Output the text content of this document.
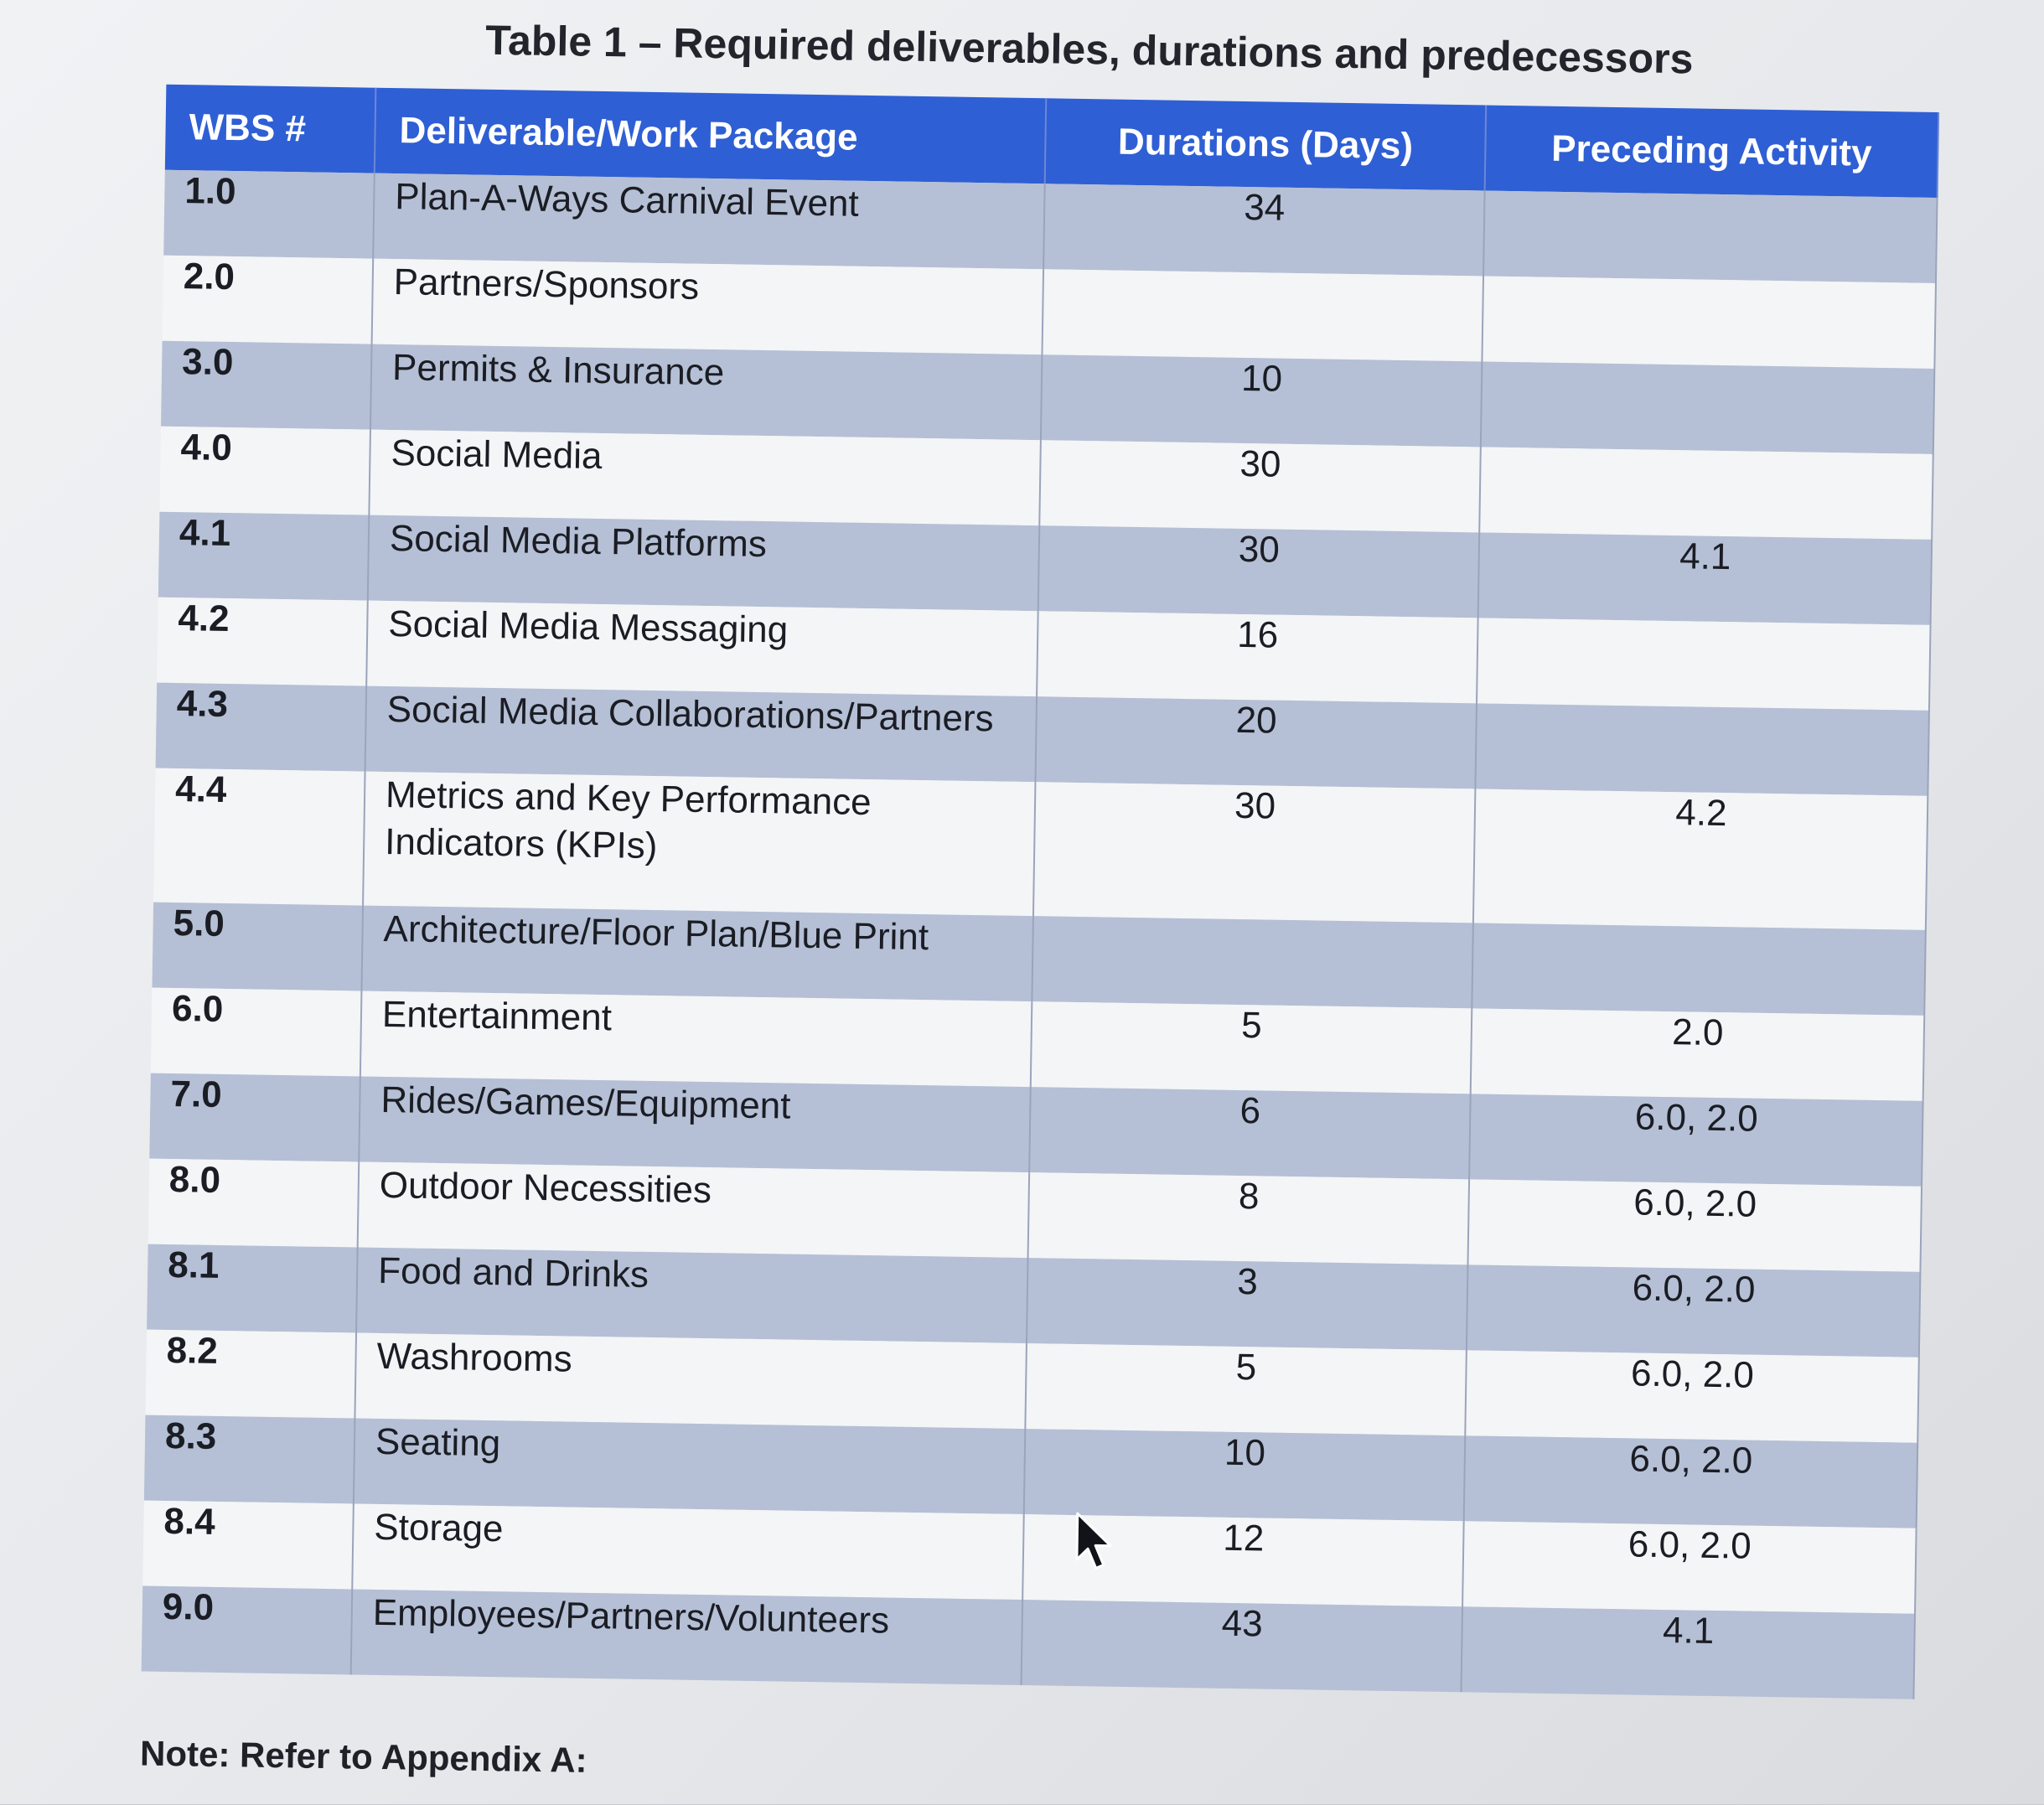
Table 1 – Required deliverables, durations and predecessors
WBS #	Deliverable/Work Package	Durations (Days)	Preceding Activity
1.0	Plan-A-Ways Carnival Event	34	
2.0	Partners/Sponsors		
3.0	Permits & Insurance	10	
4.0	Social Media	30	
4.1	Social Media Platforms	30	4.1
4.2	Social Media Messaging	16	
4.3	Social Media Collaborations/Partners	20	
4.4	Metrics and Key Performance Indicators (KPIs)	30	4.2
5.0	Architecture/Floor Plan/Blue Print		
6.0	Entertainment	5	2.0
7.0	Rides/Games/Equipment	6	6.0, 2.0
8.0	Outdoor Necessities	8	6.0, 2.0
8.1	Food and Drinks	3	6.0, 2.0
8.2	Washrooms	5	6.0, 2.0
8.3	Seating	10	6.0, 2.0
8.4	Storage	12	6.0, 2.0
9.0	Employees/Partners/Volunteers	43	4.1

Note: Refer to Appendix A:
